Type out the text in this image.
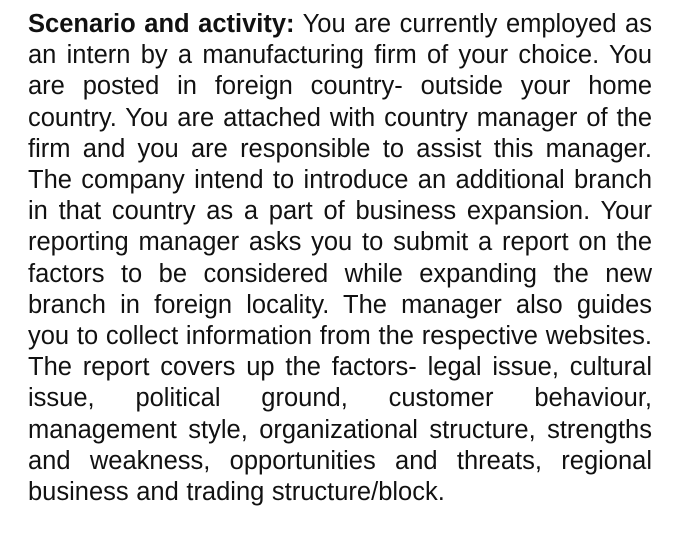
Scenario and activity: You are currently employed as an intern by a manufacturing firm of your choice. You are posted in foreign country- outside your home country. You are attached with country manager of the firm and you are responsible to assist this manager. The company intend to introduce an additional branch in that country as a part of business expansion. Your reporting manager asks you to submit a report on the factors to be considered while expanding the new branch in foreign locality. The manager also guides you to collect information from the respective websites. The report covers up the factors- legal issue, cultural issue, political ground, customer behaviour, management style, organizational structure, strengths and weakness, opportunities and threats, regional business and trading structure/block.
